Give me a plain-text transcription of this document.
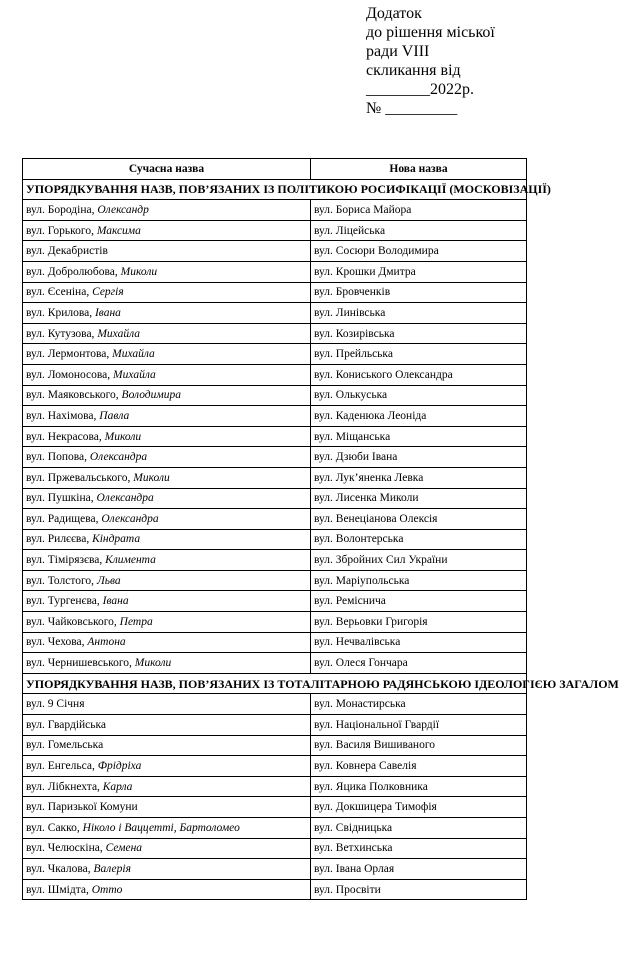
Додаток
до рішення міської
ради VIII
скликання від
________2022р.
№ _________
Сучасна назва	Нова назва
УПОРЯДКУВАННЯ НАЗВ, ПОВ’ЯЗАНИХ ІЗ ПОЛІТИКОЮ РОСИФІКАЦІЇ (МОСКОВІЗАЦІЇ)	
вул. Бородіна, Олександр	вул. Бориса Майора
вул. Горького, Максима	вул. Ліцейська
вул. Декабристів	вул. Сосюри Володимира
вул. Добролюбова, Миколи	вул. Крошки Дмитра
вул. Єсеніна, Сергія	вул. Бровченків
вул. Крилова, Івана	вул. Линівська
вул. Кутузова, Михайла	вул. Козирівська
вул. Лермонтова, Михайла	вул. Прейльська
вул. Ломоносова, Михайла	вул. Кониського Олександра
вул. Маяковського, Володимира	вул. Олькуська
вул. Нахімова, Павла	вул. Каденюка Леоніда
вул. Некрасова, Миколи	вул. Міщанська
вул. Попова, Олександра	вул. Дзюби Івана
вул. Пржевальського, Миколи	вул. Лук’яненка Левка
вул. Пушкіна, Олександра	вул. Лисенка Миколи
вул. Радищева, Олександра	вул. Венеціанова Олексія
вул. Рилєєва, Кіндрата	вул. Волонтерська
вул. Тімірязєва, Климента	вул. Збройних Сил України
вул. Толстого, Льва	вул. Маріупольська
вул. Тургенєва, Івана	вул. Реміснича
вул. Чайковського, Петра	вул. Верьовки Григорія
вул. Чехова, Антона	вул. Нечвалівська
вул. Чернишевського, Миколи	вул. Олеся Гончара
УПОРЯДКУВАННЯ НАЗВ, ПОВ’ЯЗАНИХ ІЗ ТОТАЛІТАРНОЮ РАДЯНСЬКОЮ ІДЕОЛОГІЄЮ ЗАГАЛОМ	
вул. 9 Січня	вул. Монастирська
вул. Гвардійська	вул. Національної Гвардії
вул. Гомельська	вул. Василя Вишиваного
вул. Енгельса, Фрідріха	вул. Ковнера Савелія
вул. Лібкнехта, Карла	вул. Яцика Полковника
вул. Паризької Комуни	вул. Докшицера Тимофія
вул. Сакко, Ніколо і Ваццетті, Бартоломео	вул. Свідницька
вул. Челюскіна, Семена	вул. Ветхинська
вул. Чкалова, Валерія	вул. Івана Орлая
вул. Шмідта, Отто	вул. Просвіти
